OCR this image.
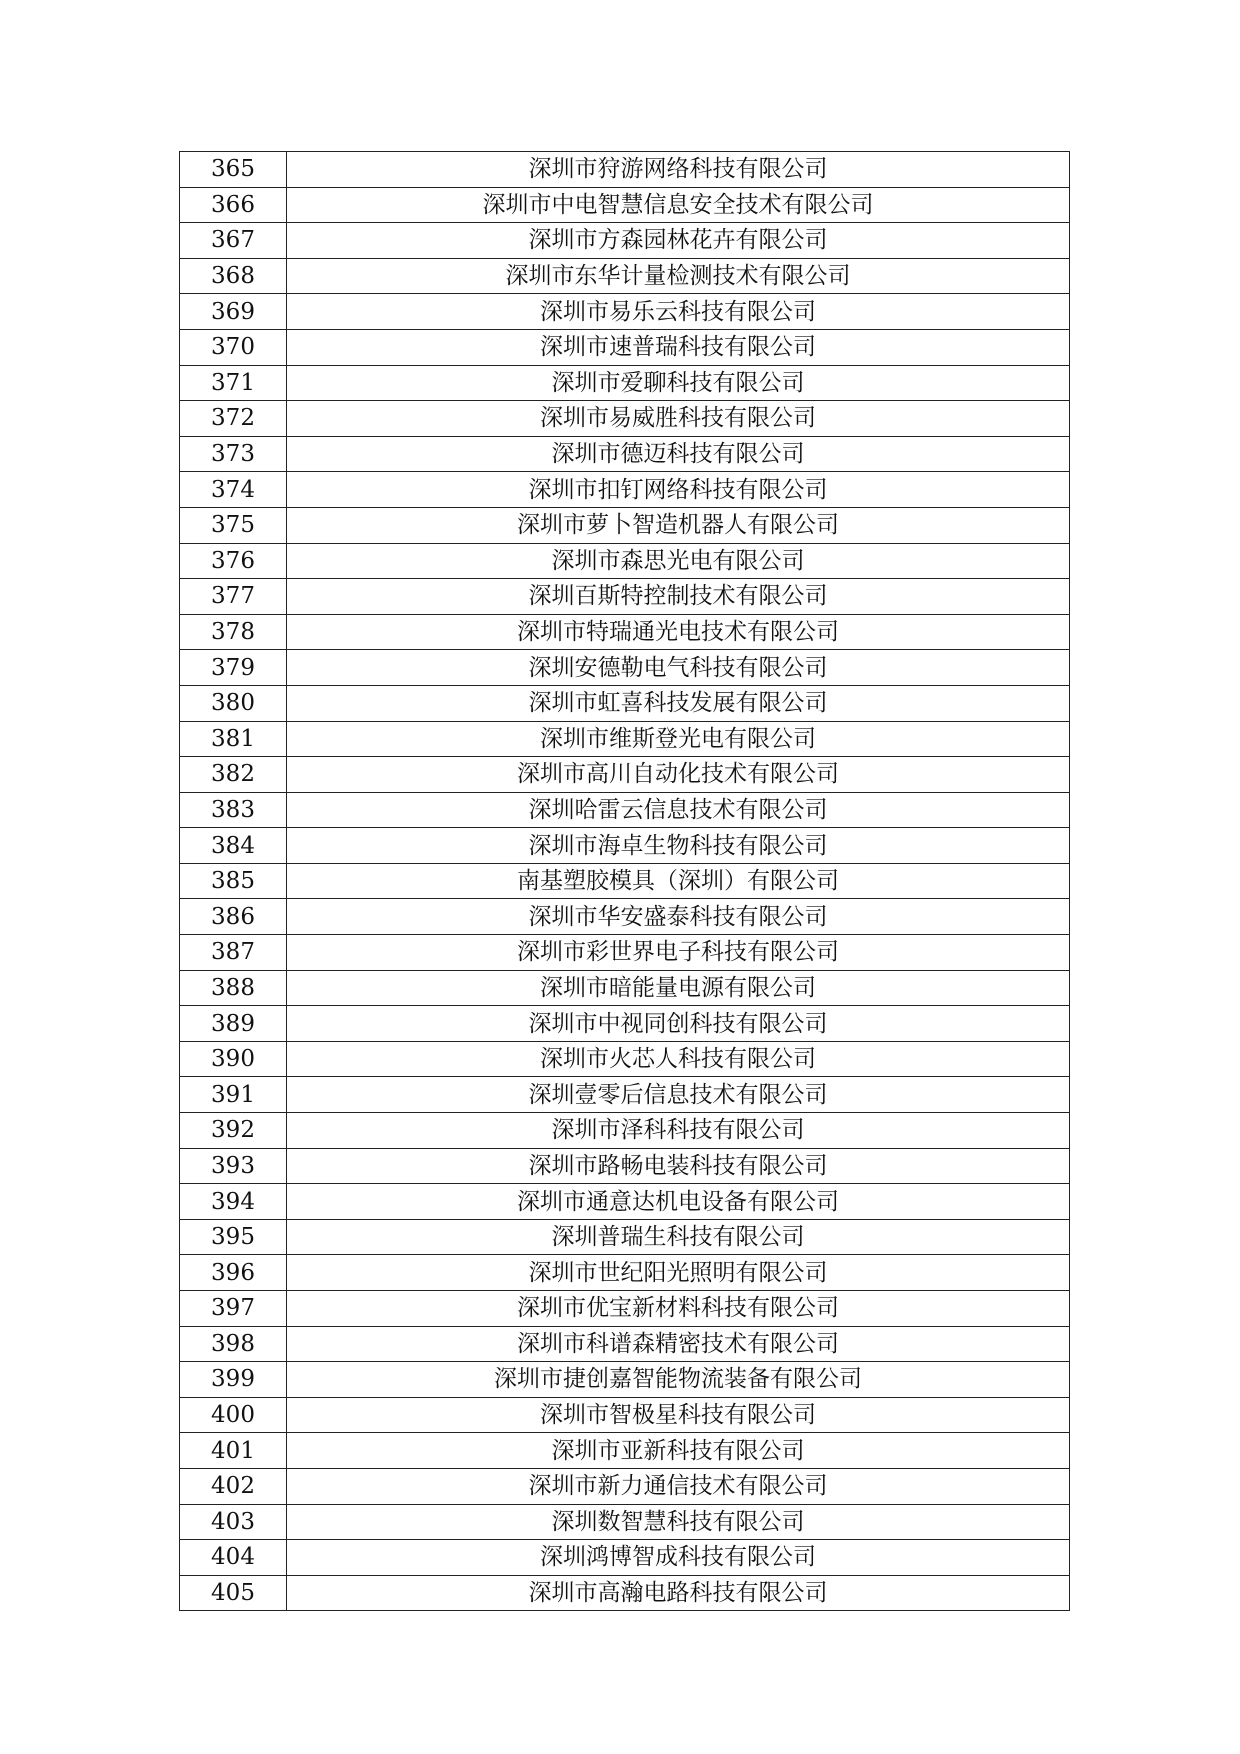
365	深圳市狩游网络科技有限公司
366	深圳市中电智慧信息安全技术有限公司
367	深圳市方森园林花卉有限公司
368	深圳市东华计量检测技术有限公司
369	深圳市易乐云科技有限公司
370	深圳市速普瑞科技有限公司
371	深圳市爱聊科技有限公司
372	深圳市易威胜科技有限公司
373	深圳市德迈科技有限公司
374	深圳市扣钉网络科技有限公司
375	深圳市萝卜智造机器人有限公司
376	深圳市森思光电有限公司
377	深圳百斯特控制技术有限公司
378	深圳市特瑞通光电技术有限公司
379	深圳安德勒电气科技有限公司
380	深圳市虹喜科技发展有限公司
381	深圳市维斯登光电有限公司
382	深圳市高川自动化技术有限公司
383	深圳哈雷云信息技术有限公司
384	深圳市海卓生物科技有限公司
385	南基塑胶模具（深圳）有限公司
386	深圳市华安盛泰科技有限公司
387	深圳市彩世界电子科技有限公司
388	深圳市暗能量电源有限公司
389	深圳市中视同创科技有限公司
390	深圳市火芯人科技有限公司
391	深圳壹零后信息技术有限公司
392	深圳市泽科科技有限公司
393	深圳市路畅电装科技有限公司
394	深圳市通意达机电设备有限公司
395	深圳普瑞生科技有限公司
396	深圳市世纪阳光照明有限公司
397	深圳市优宝新材料科技有限公司
398	深圳市科谱森精密技术有限公司
399	深圳市捷创嘉智能物流装备有限公司
400	深圳市智极星科技有限公司
401	深圳市亚新科技有限公司
402	深圳市新力通信技术有限公司
403	深圳数智慧科技有限公司
404	深圳鸿博智成科技有限公司
405	深圳市高瀚电路科技有限公司
